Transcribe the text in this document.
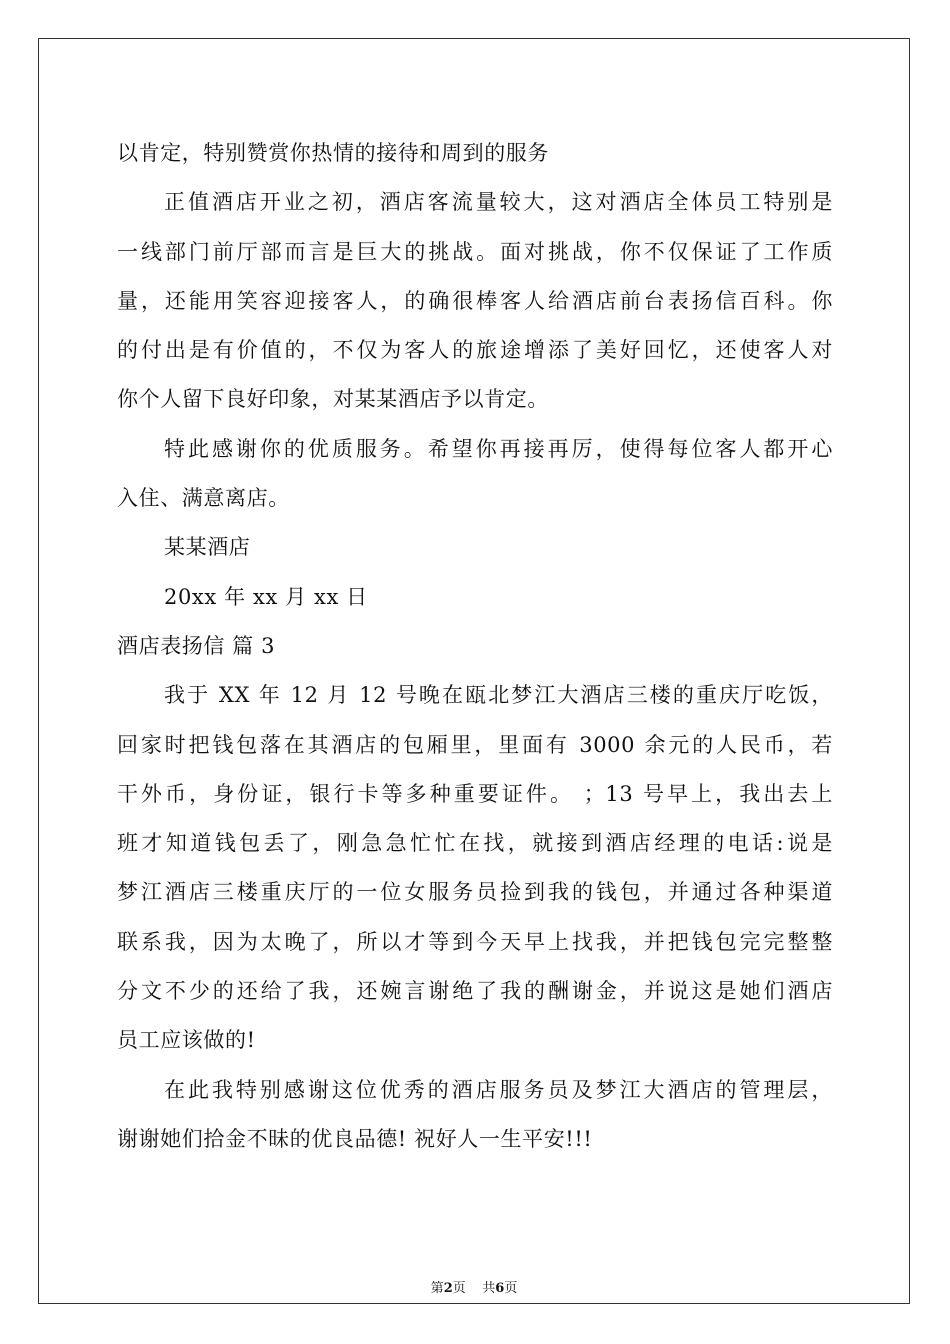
以肯定，特别赞赏你热情的接待和周到的服务
正值酒店开业之初，酒店客流量较大，这对酒店全体员工特别是
一线部门前厅部而言是巨大的挑战。面对挑战，你不仅保证了工作质
量，还能用笑容迎接客人，的确很棒客人给酒店前台表扬信百科。你
的付出是有价值的，不仅为客人的旅途增添了美好回忆，还使客人对
你个人留下良好印象，对某某酒店予以肯定。
特此感谢你的优质服务。希望你再接再厉，使得每位客人都开心
入住、满意离店。
某某酒店
20xx 年 xx 月 xx 日
酒店表扬信 篇 3
我于 XX 年 12 月 12 号晚在瓯北梦江大酒店三楼的重庆厅吃饭，
回家时把钱包落在其酒店的包厢里，里面有 3000 余元的人民币，若
干外币，身份证，银行卡等多种重要证件。 ；13 号早上，我出去上
班才知道钱包丢了，刚急急忙忙在找，就接到酒店经理的电话:说是
梦江酒店三楼重庆厅的一位女服务员捡到我的钱包，并通过各种渠道
联系我，因为太晚了，所以才等到今天早上找我，并把钱包完完整整
分文不少的还给了我，还婉言谢绝了我的酬谢金，并说这是她们酒店
员工应该做的!
在此我特别感谢这位优秀的酒店服务员及梦江大酒店的管理层，
谢谢她们拾金不昧的优良品德! 祝好人一生平安!!!
第2页    共6页
